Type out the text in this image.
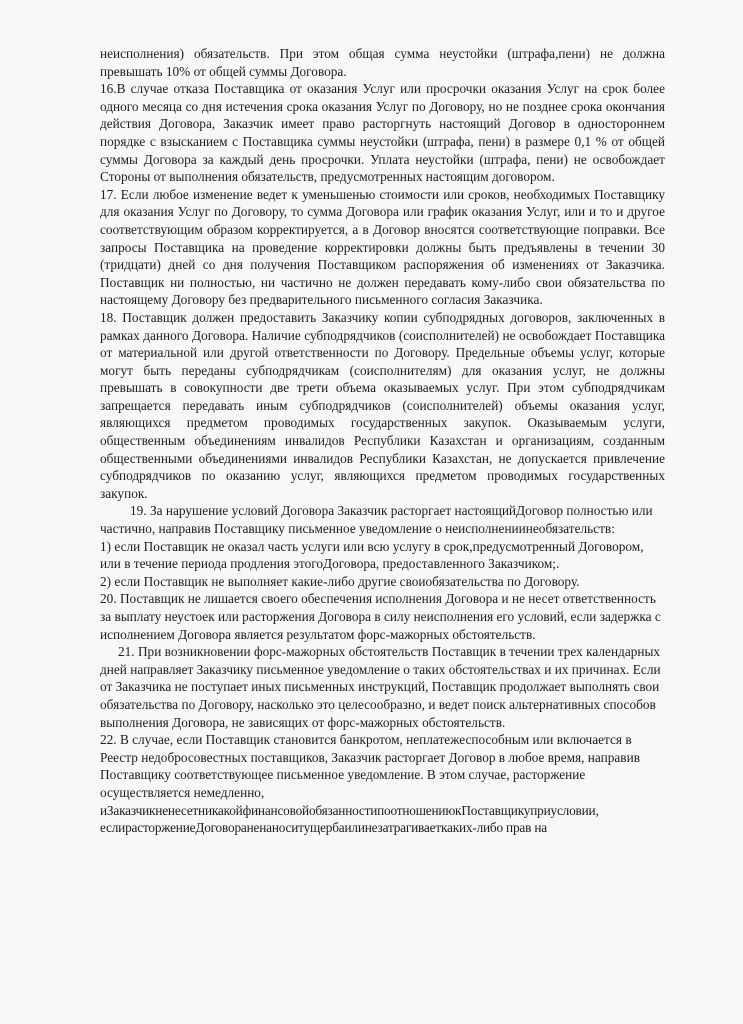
неисполнения) обязательств. При этом общая сумма неустойки (штрафа,пени) не должна превышать 10% от общей суммы Договора.

16.В случае отказа Поставщика от оказания Услуг или просрочки оказания Услуг на срок более одного месяца со дня истечения срока оказания Услуг по Договору, но не позднее срока окончания действия Договора, Заказчик имеет право расторгнуть настоящий Договор в одностороннем порядке с взысканием с Поставщика суммы неустойки (штрафа, пени) в размере 0,1 % от общей суммы Договора за каждый день просрочки. Уплата неустойки (штрафа, пени) не освобождает Стороны от выполнения обязательств, предусмотренных настоящим договором.

17. Если любое изменение ведет к уменьшенью стоимости или сроков, необходимых Поставщику для оказания Услуг по Договору, то сумма Договора или график оказания Услуг, или и то и другое соответствующим образом корректируется, а в Договор вносятся соответствующие поправки. Все запросы Поставщика на проведение корректировки должны быть предъявлены в течении 30 (тридцати) дней со дня получения Поставщиком распоряжения об изменениях от Заказчика. Поставщик ни полностью, ни частично не должен передавать кому-либо свои обязательства по настоящему Договору без предварительного письменного согласия Заказчика.

18. Поставщик должен предоставить Заказчику копии субподрядных договоров, заключенных в рамках данного Договора. Наличие субподрядчиков (соисполнителей) не освобождает Поставщика от материальной или другой ответственности по Договору. Предельные объемы услуг, которые могут быть переданы субподрядчикам (соисполнителям) для оказания услуг, не должны превышать в совокупности две трети объема оказываемых услуг. При этом субподрядчикам запрещается передавать иным субподрядчиков (соисполнителей) объемы оказания услуг, являющихся предметом проводимых государственных закупок. Оказываемым услуги, общественным объединениям инвалидов Республики Казахстан и организациям, созданным общественными объединениями инвалидов Республики Казахстан, не допускается привлечение субподрядчиков по оказанию услуг, являющихся предметом проводимых государственных закупок.

19. За нарушение условий Договора Заказчик расторгает настоящийДоговор полностью или частично, направив Поставщику письменное уведомление о неисполнениинеобязательств:

1) если Поставщик не оказал часть услуги или всю услугу в срок,предусмотренный Договором, или в течение периода продления этогоДоговора, предоставленного Заказчиком;.

2) если Поставщик не выполняет какие-либо другие своиобязательства по Договору.

20. Поставщик не лишается своего обеспечения исполнения Договора и не несет ответственность за выплату неустоек или расторжения Договора в силу неисполнения его условий, если задержка с исполнением Договора является результатом форс-мажорных обстоятельств.

21. При возникновении форс-мажорных обстоятельств Поставщик в течении трех календарных дней направляет Заказчику письменное уведомление о таких обстоятельствах и их причинах. Если от Заказчика не поступает иных письменных инструкций, Поставщик продолжает выполнять свои обязательства по Договору, насколько это целесообразно, и ведет поиск альтернативных способов выполнения Договора, не зависящих от форс-мажорных обстоятельств.

22. В случае, если Поставщик становится банкротом, неплатежеспособным или включается в Реестр недобросовестных поставщиков, Заказчик расторгает Договор в любое время, направив Поставщику соответствующее письменное уведомление. В этом случае, расторжение осуществляется немедленно,

иЗаказчикненесетникакойфинансовойобязанностипоотношениюкПоставщикуприусловии,

еслирасторжениеДоговораненаноситущербаилинезатрагиваеткаких-либо прав на
